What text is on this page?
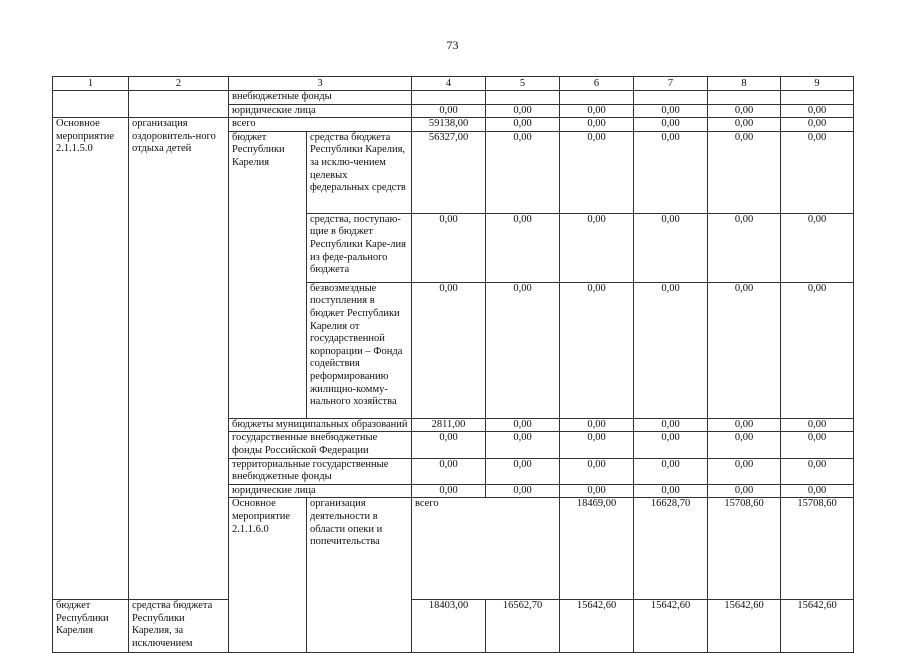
73
1	2	3		4	5	6	7	8	9	
		внебюджетные фонды								
		юридические лица		0,00	0,00	0,00	0,00	0,00	0,00	
Основное мероприятие 2.1.1.5.0	организация оздоровитель-ного отдыха детей	всего		59138,00	0,00	0,00	0,00	0,00	0,00	
		бюджет Республики Карелия	средства бюджета Республики Карелия, за исклю-чением целевых федеральных средств	56327,00	0,00	0,00	0,00	0,00	0,00	
			средства, поступаю-щие в бюджет Республики Каре-лия из феде-рального бюджета	0,00	0,00	0,00	0,00	0,00	0,00	
			безвозмездные поступления в бюджет Республики Карелия от государственной корпорации – Фонда содействия реформированию жилищно-комму-нального хозяйства	0,00	0,00	0,00	0,00	0,00	0,00	
		бюджеты муниципальных образований		2811,00	0,00	0,00	0,00	0,00	0,00	
		государственные внебюджетные фонды Российской Федерации		0,00	0,00	0,00	0,00	0,00	0,00	
		территориальные государственные внебюджетные фонды		0,00	0,00	0,00	0,00	0,00	0,00	
		юридические лица		0,00	0,00	0,00	0,00	0,00	0,00	
		Основное мероприятие 2.1.1.6.0	организация деятельности в области опеки и попечительства	всего		18469,00	16628,70	15708,60	15708,60		
бюджет Республики Карелия	средства бюджета Республики Карелия, за исключением			18403,00	16562,70	15642,60	15642,60	15642,60	15642,60	
